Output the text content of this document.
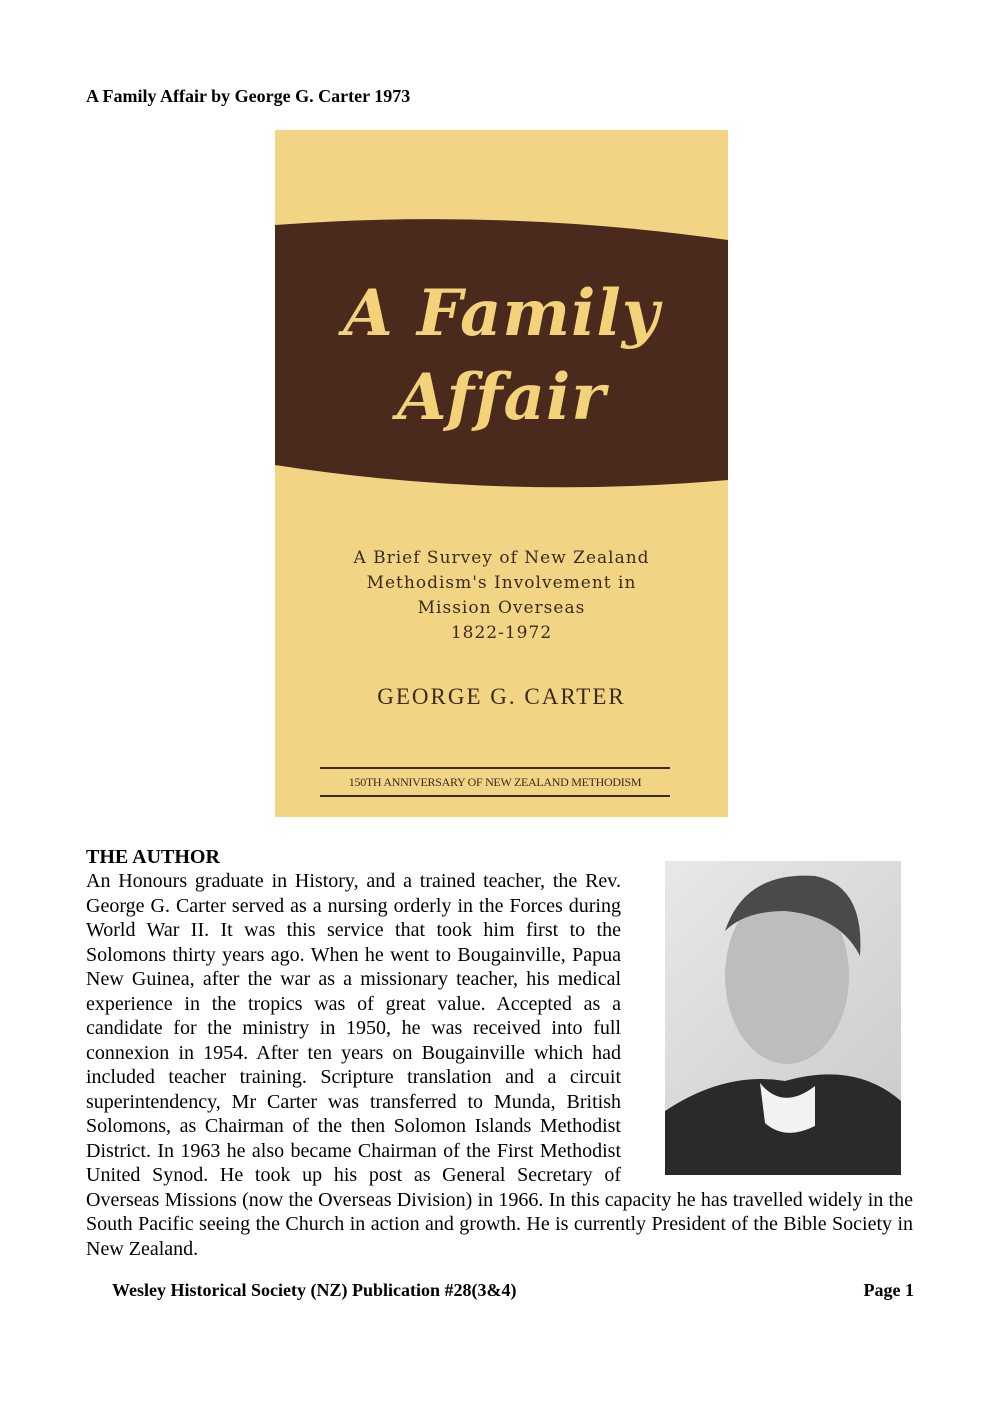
A Family Affair by George G. Carter 1973
A Family
Affair
A Brief Survey of New Zealand
Methodism's Involvement in
Mission Overseas
1822-1972
GEORGE G. CARTER
150TH ANNIVERSARY OF NEW ZEALAND METHODISM
THE AUTHOR

An Honours graduate in History, and a trained teacher, the Rev. George G. Carter served as a nursing orderly in the Forces during World War II. It was this service that took him first to the Solomons thirty years ago. When he went to Bougainville, Papua New Guinea, after the war as a missionary teacher, his medical experience in the tropics was of great value. Accepted as a candidate for the ministry in 1950, he was received into full connexion in 1954. After ten years on Bougainville which had included teacher training. Scripture translation and a circuit superintendency, Mr Carter was transferred to Munda, British Solomons, as Chairman of the then Solomon Islands Methodist District. In 1963 he also became Chairman of the First Methodist United Synod. He took up his post as General Secretary of Overseas Missions (now the Overseas Division) in 1966. In this capacity he has travelled widely in the South Pacific seeing the Church in action and growth. He is currently President of the Bible Society in New Zealand.

Wesley Historical Society (NZ) Publication #28(3&4)	Page 1
